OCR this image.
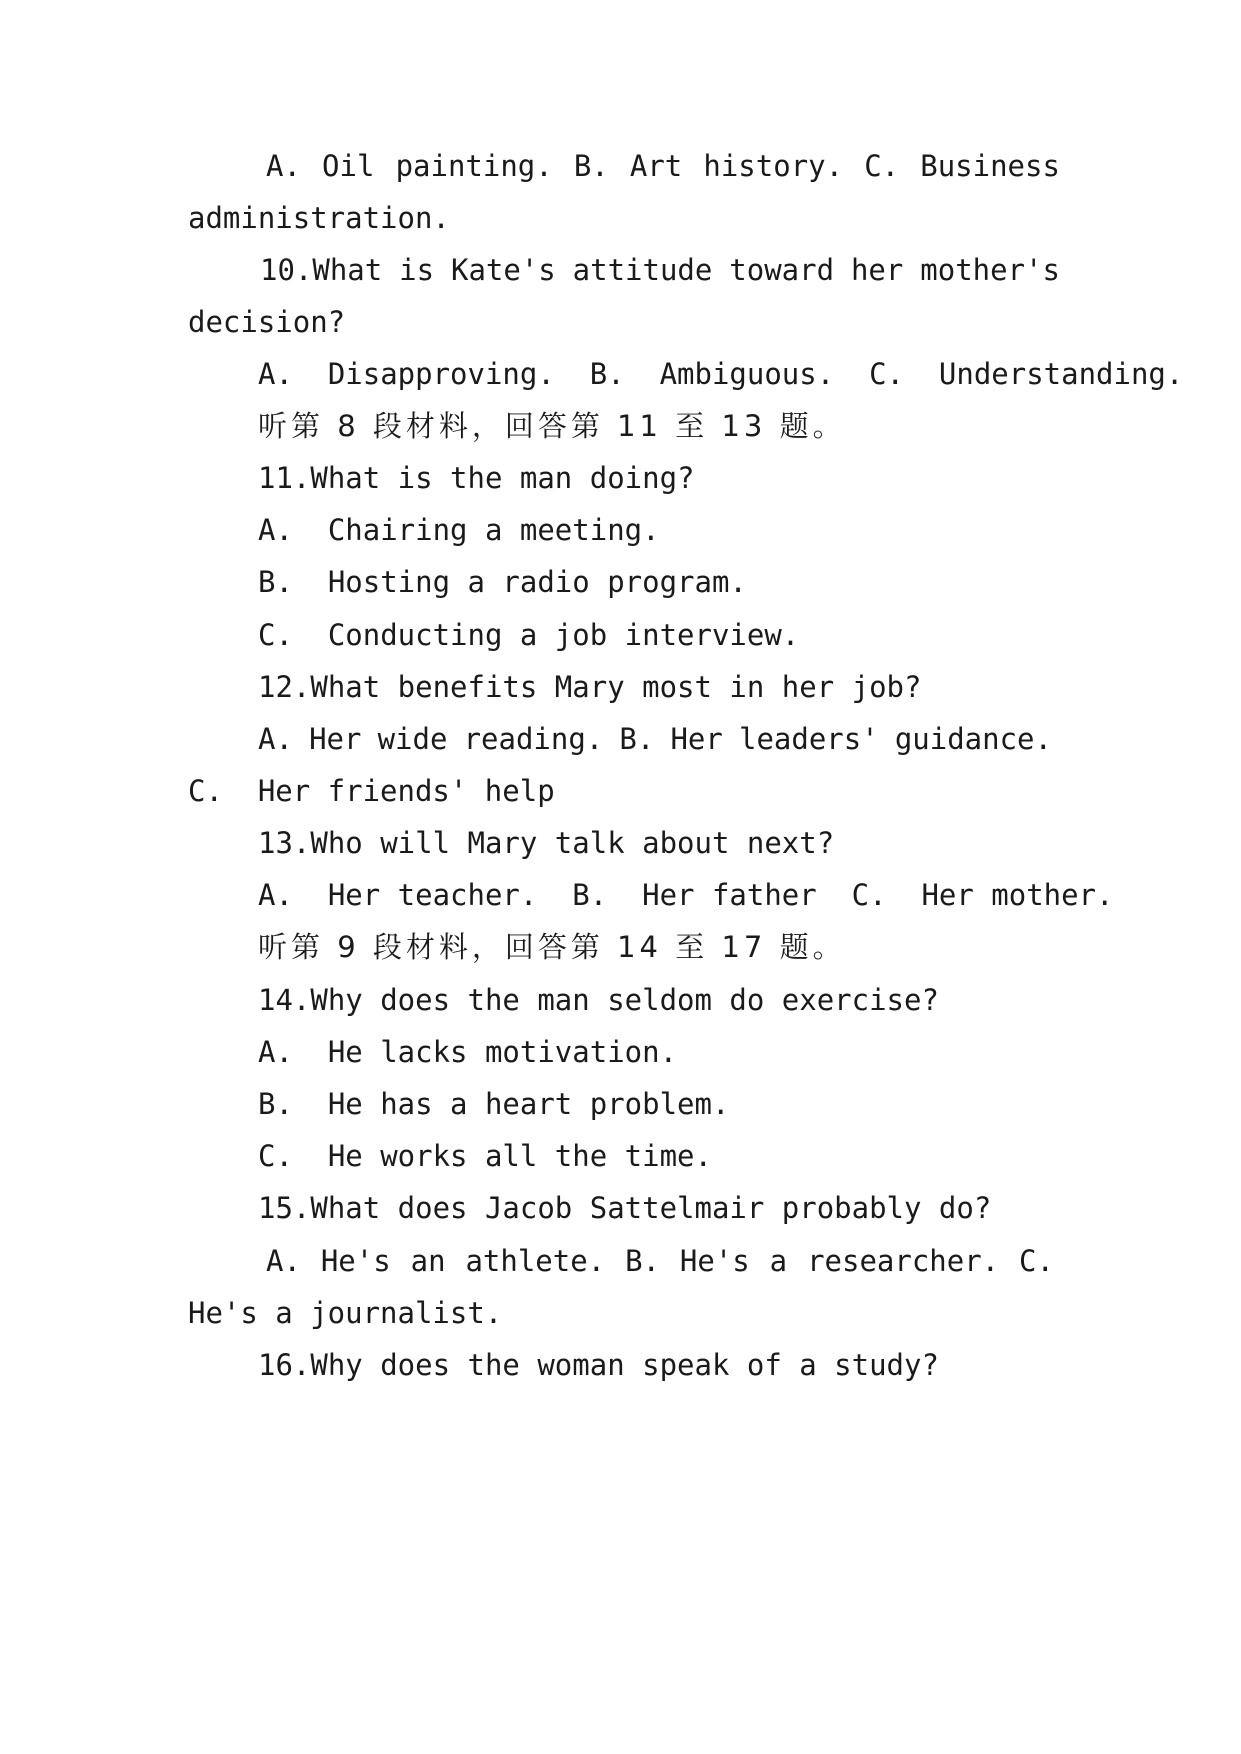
A. Oil painting. B. Art history. C. Business
administration.
10.What is Kate's attitude toward her mother's
decision?
A.  Disapproving.  B.  Ambiguous.  C.  Understanding.
听第 8 段材料，回答第 11 至 13 题。
11.What is the man doing?
A.  Chairing a meeting.
B.  Hosting a radio program.
C.  Conducting a job interview.
12.What benefits Mary most in her job?
A. Her wide reading. B. Her leaders' guidance.
C.  Her friends' help
13.Who will Mary talk about next?
A.  Her teacher.  B.  Her father  C.  Her mother.
听第 9 段材料，回答第 14 至 17 题。
14.Why does the man seldom do exercise?
A.  He lacks motivation.
B.  He has a heart problem.
C.  He works all the time.
15.What does Jacob Sattelmair probably do?
A. He's an athlete. B. He's a researcher. C.
He's a journalist.
16.Why does the woman speak of a study?
